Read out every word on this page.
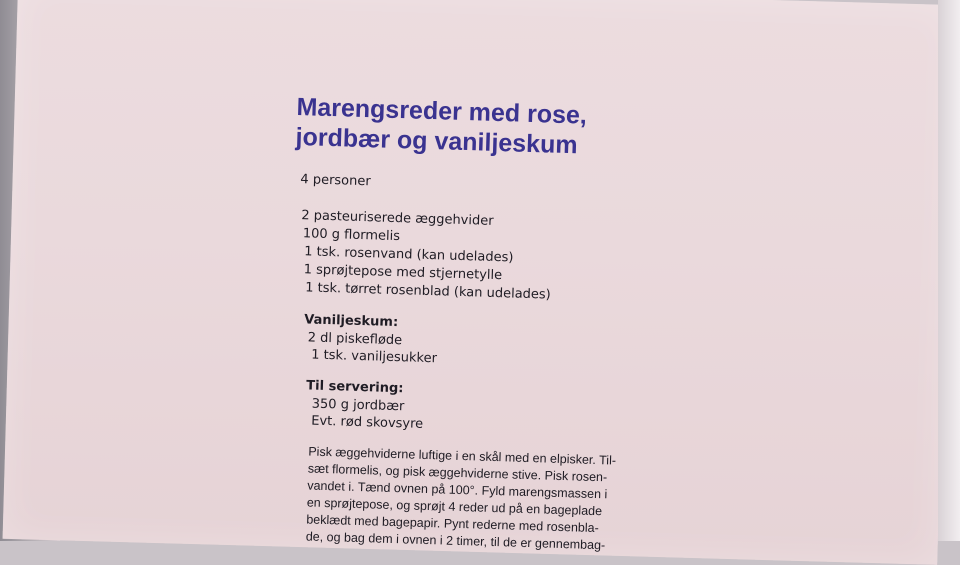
Marengsreder med rose,
jordbær og vaniljeskum
4 personer
2 pasteuriserede æggehvider
100 g flormelis
1 tsk. rosenvand (kan udelades)
1 sprøjtepose med stjernetylle
1 tsk. tørret rosenblad (kan udelades)
Vaniljeskum:
2 dl piskefløde
1 tsk. vaniljesukker
Til servering:
350 g jordbær
Evt. rød skovsyre
Pisk æggehviderne luftige i en skål med en elpisker. Til-
sæt flormelis, og pisk æggehviderne stive. Pisk rosen-
vandet i. Tænd ovnen på 100°. Fyld marengsmassen i
en sprøjtepose, og sprøjt 4 reder ud på en bageplade
beklædt med bagepapir. Pynt rederne med rosenbla-
de, og bag dem i ovnen i 2 timer, til de er gennembag-
